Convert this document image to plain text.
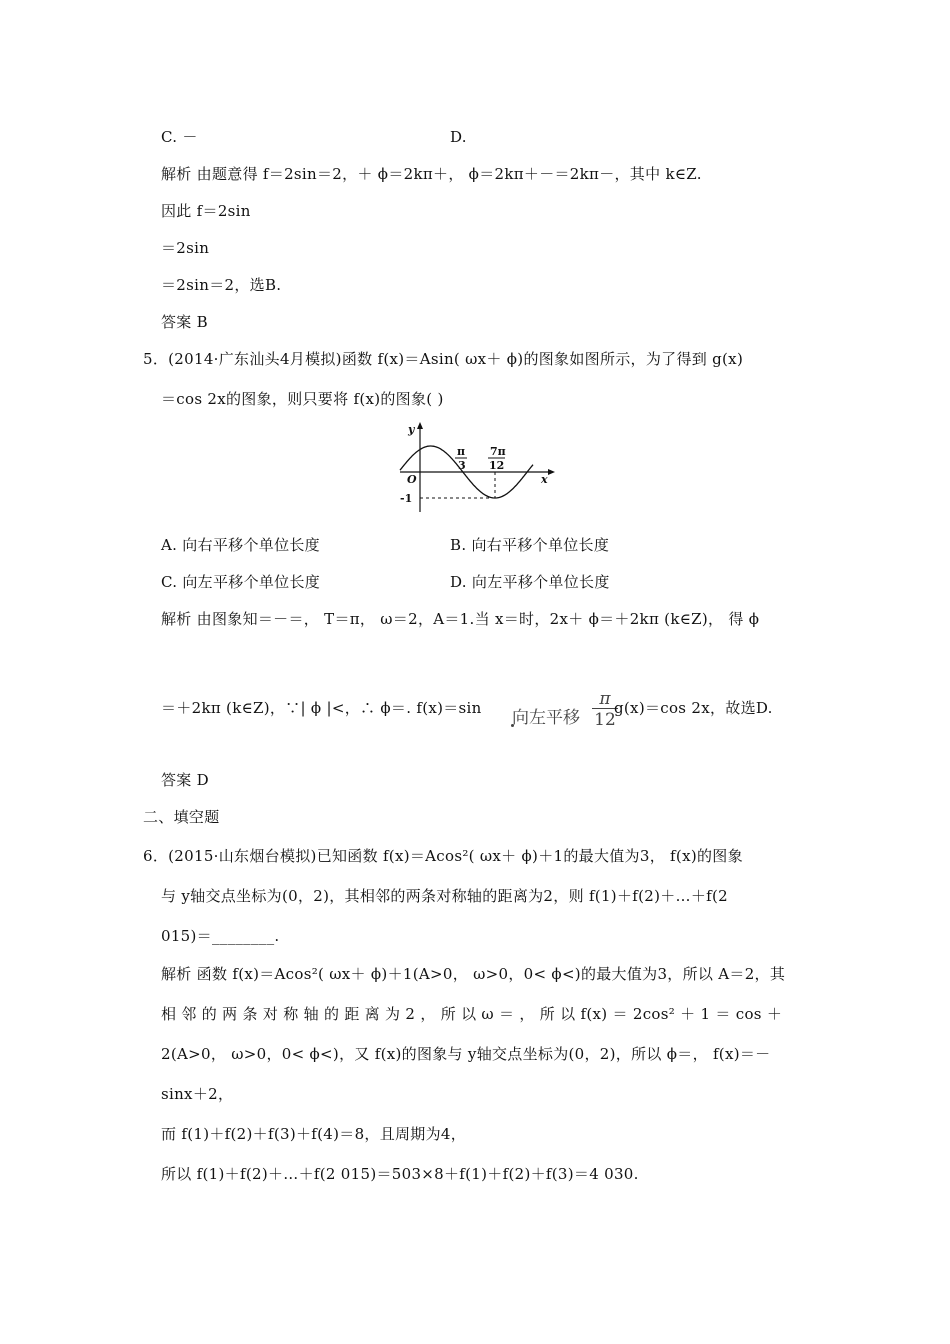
C. －	D.
解析 由题意得 f＝2sin＝2，＋ ϕ＝2kπ＋， ϕ＝2kπ＋－＝2kπ－，其中 k∈Z.
因此 f＝2sin
＝2sin
＝2sin＝2，选B.
答案 B
5．(2014·广东汕头4月模拟)函数 f(x)＝Asin( ωx＋ ϕ)的图象如图所示，为了得到 g(x)
＝cos 2x的图象，则只要将 f(x)的图象( )
y
x
O
-1
π
3
7π
12
A. 向右平移个单位长度	B. 向右平移个单位长度
C. 向左平移个单位长度	D. 向左平移个单位长度
解析 由图象知＝－＝， T＝π， ω＝2，A＝1.当 x＝时，2x＋ ϕ＝＋2kπ (k∈Z)， 得 ϕ
＝＋2kπ (k∈Z)，∵| ϕ |<，∴ ϕ＝. f(x)＝sin 向左平移 $\frac{\pi}{12}$
g(x)＝cos 2x，故选D.
答案 D
二、填空题
6．(2015·山东烟台模拟)已知函数 f(x)＝Acos²( ωx＋ ϕ)＋1的最大值为3， f(x)的图象
与 y轴交点坐标为(0，2)，其相邻的两条对称轴的距离为2，则 f(1)＋f(2)＋…＋f(2
015)＝________.
解析 函数 f(x)＝Acos²( ωx＋ ϕ)＋1(A>0， ω>0，0< ϕ<)的最大值为3，所以 A＝2，其
相 邻 的 两 条 对 称 轴 的 距 离 为 2 ， 所 以 ω ＝ ， 所 以 f(x) ＝ 2cos² ＋ 1 ＝ cos ＋
2(A>0， ω>0，0< ϕ<)，又 f(x)的图象与 y轴交点坐标为(0，2)，所以 ϕ＝， f(x)＝－
sinx＋2，
而 f(1)＋f(2)＋f(3)＋f(4)＝8，且周期为4，
所以 f(1)＋f(2)＋…＋f(2 015)＝503×8＋f(1)＋f(2)＋f(3)＝4 030.
